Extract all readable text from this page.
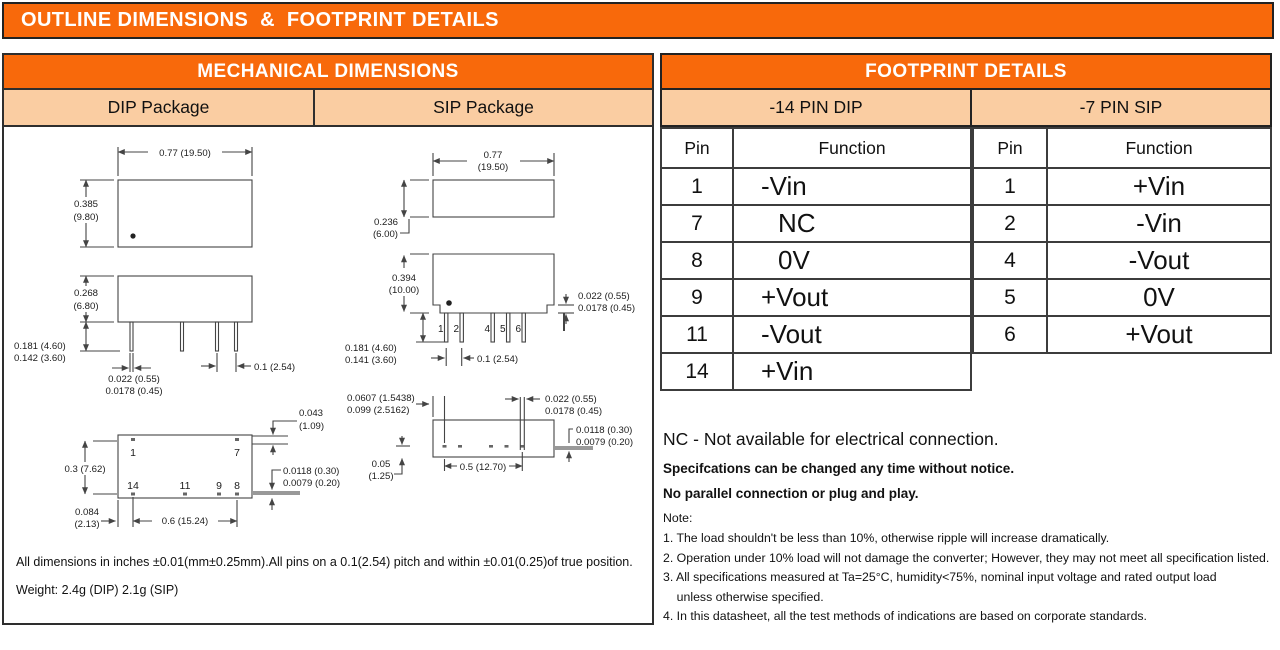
OUTLINE DIMENSIONS  &  FOOTPRINT DETAILS
MECHANICAL DIMENSIONS
DIP Package	SIP Package
0.77 (19.50)
0.385
(9.80)
0.268
(6.80)
0.181 (4.60)
0.142 (3.60)
0.022 (0.55)
0.0178 (0.45)
0.1 (2.54)
1	7
14	11 9 8
0.3 (7.62)
0.043
(1.09)
0.0118 (0.30)
0.0079 (0.20)
0.084
(2.13)	0.6 (15.24)
0.77
(19.50)
0.236
(6.00)
0.394
(10.00)
1 2	4 5 6
0.022 (0.55)
0.0178 (0.45)
0.181 (4.60)
0.141 (3.60)	0.1 (2.54)
0.022 (0.55)
0.0178 (0.45)
0.0607 (1.5438)
0.099 (2.5162)
0.0118 (0.30)
0.0079 (0.20)
0.05
(1.25)
0.5 (12.70)
All dimensions in inches ±0.01(mm±0.25mm).All pins on a 0.1(2.54) pitch and within ±0.01(0.25)of true position.
Weight: 2.4g (DIP) 2.1g (SIP)
FOOTPRINT DETAILS
-14 PIN DIP	-7 PIN SIP
Pin	Function
1	-Vin
7	NC
8	0V
9	+Vout
11	-Vout
14	+Vin
Pin	Function
1	+Vin
2	-Vin
4	-Vout
5	0V
6	+Vout

NC - Not available for electrical connection.

Specifcations can be changed any time without notice.

No parallel connection or plug and play.

Note:

1. The load shouldn't be less than 10%, otherwise ripple will increase dramatically.
2. Operation under 10% load will not damage the converter; However, they may not meet all specification listed.
3. All specifications measured at Ta=25°C, humidity<75%, nominal input voltage and rated output load
unless otherwise specified.
4. In this datasheet, all the test methods of indications are based on corporate standards.
